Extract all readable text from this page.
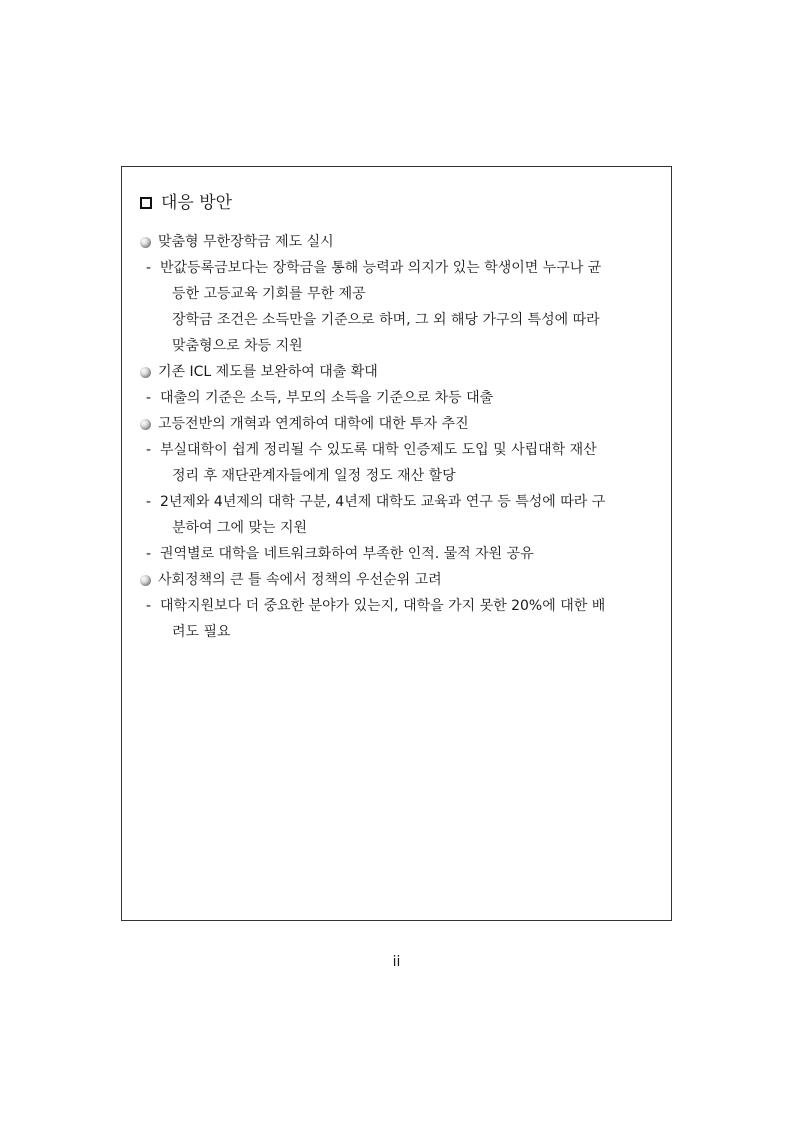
대응 방안
맞춤형 무한장학금 제도 실시
- 반값등록금보다는 장학금을 통해 능력과 의지가 있는 학생이면 누구나 균
등한 고등교육 기회를 무한 제공
장학금 조건은 소득만을 기준으로 하며, 그 외 해당 가구의 특성에 따라
맞춤형으로 차등 지원
기존 ICL 제도를 보완하여 대출 확대
- 대출의 기준은 소득, 부모의 소득을 기준으로 차등 대출
고등전반의 개혁과 연계하여 대학에 대한 투자 추진
- 부실대학이 쉽게 정리될 수 있도록 대학 인증제도 도입 및 사립대학 재산
정리 후 재단관계자들에게 일정 정도 재산 할당
- 2년제와 4년제의 대학 구분, 4년제 대학도 교육과 연구 등 특성에 따라 구
분하여 그에 맞는 지원
- 권역별로 대학을 네트워크화하여 부족한 인적. 물적 자원 공유
사회정책의 큰 틀 속에서 정책의 우선순위 고려
- 대학지원보다 더 중요한 분야가 있는지, 대학을 가지 못한 20%에 대한 배
려도 필요
ii
